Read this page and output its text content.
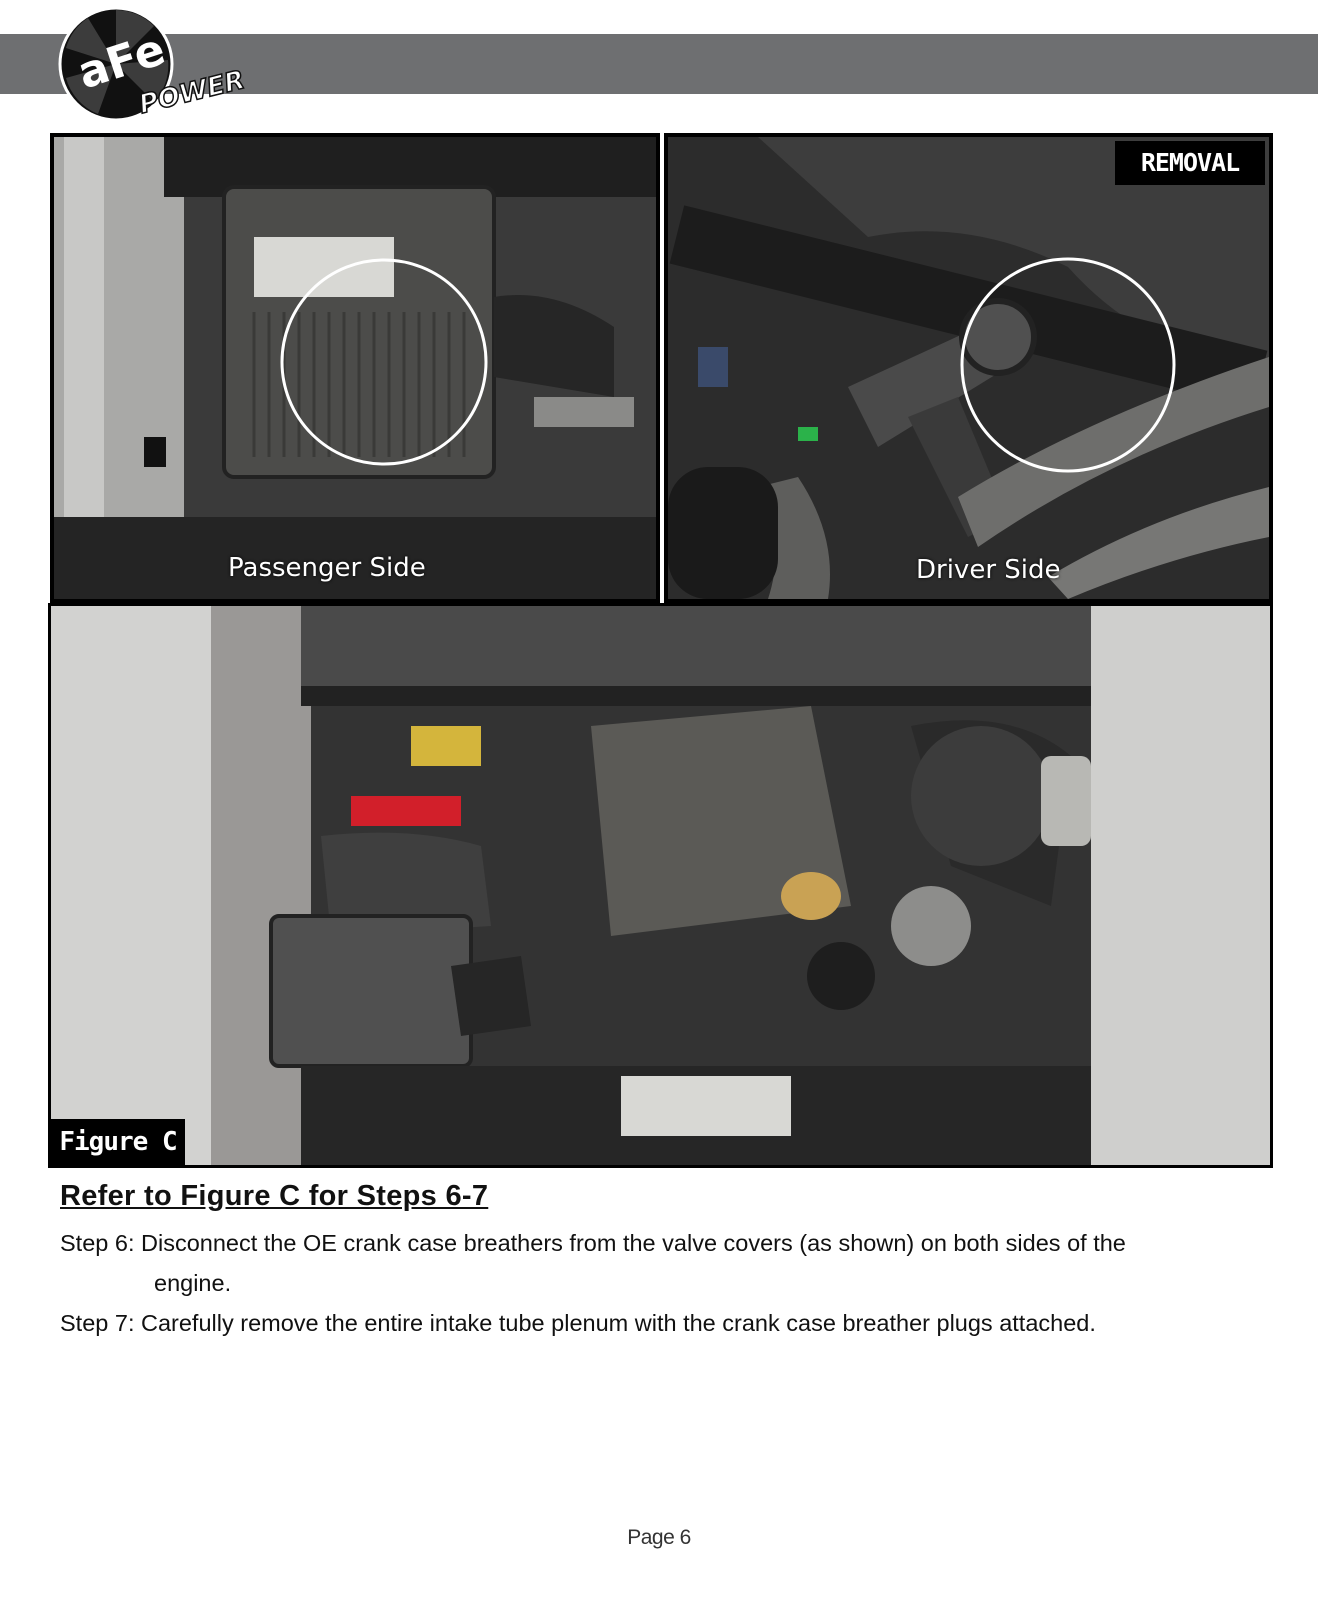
aFe
POWER
Passenger Side
REMOVAL
Driver Side
Figure C
Refer to Figure C for Steps 6-7
Step 6: Disconnect the OE crank case breathers from the valve covers (as shown) on both sides of the
engine.
Step 7: Carefully remove the entire intake tube plenum with the crank case breather plugs attached.
Page 6
